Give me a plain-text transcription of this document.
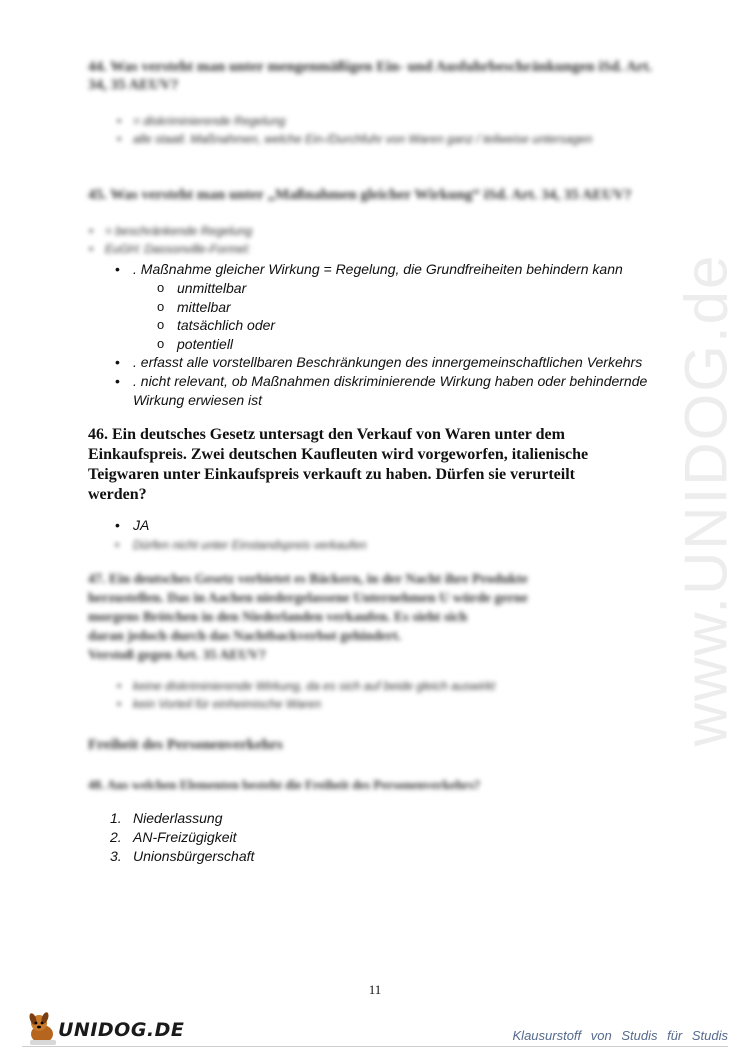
www.UNIDOG.de
44. Was versteht man unter mengenmäßigen Ein- und Ausfuhrbeschränkungen iSd. Art. 34, 35 AEUV?
• = diskriminierende Regelung
• alle staatl. Maßnahmen, welche Ein-/Durchfuhr von Waren ganz / teilweise untersagen
45. Was versteht man unter „Maßnahmen gleicher Wirkung“ iSd. Art. 34, 35 AEUV?
• = beschränkende Regelung
• EuGH: Dassonville-Formel:
• . Maßnahme gleicher Wirkung = Regelung, die Grundfreiheiten behindern kann
o unmittelbar
o mittelbar
o tatsächlich oder
o potentiell
• . erfasst alle vorstellbaren Beschränkungen des innergemeinschaftlichen Verkehrs
• . nicht relevant, ob Maßnahmen diskriminierende Wirkung haben oder behindernde Wirkung erwiesen ist
46. Ein deutsches Gesetz untersagt den Verkauf von Waren unter dem Einkaufspreis. Zwei deutschen Kaufleuten wird vorgeworfen, italienische Teigwaren unter Einkaufspreis verkauft zu haben. Dürfen sie verurteilt werden?
• JA
• Dürfen nicht unter Einstandspreis verkaufen
47. Ein deutsches Gesetz verbietet es Bäckern, in der Nacht ihre Produkte
herzustellen. Das in Aachen niedergelassene Unternehmen U würde gerne
morgens Brötchen in den Niederlanden verkaufen. Es sieht sich
daran jedoch durch das Nachtbackverbot gehindert.
Verstoß gegen Art. 35 AEUV?
• keine diskriminierende Wirkung, da es sich auf beide gleich auswirkt
• kein Vorteil für einheimische Waren
Freiheit des Personenverkehrs
48. Aus welchen Elementen besteht die Freiheit des Personenverkehrs?
1. Niederlassung
2. AN-Freizügigkeit
3. Unionsbürgerschaft
11
UNIDOG.DE	Klausurstoff von Studis für Studis
